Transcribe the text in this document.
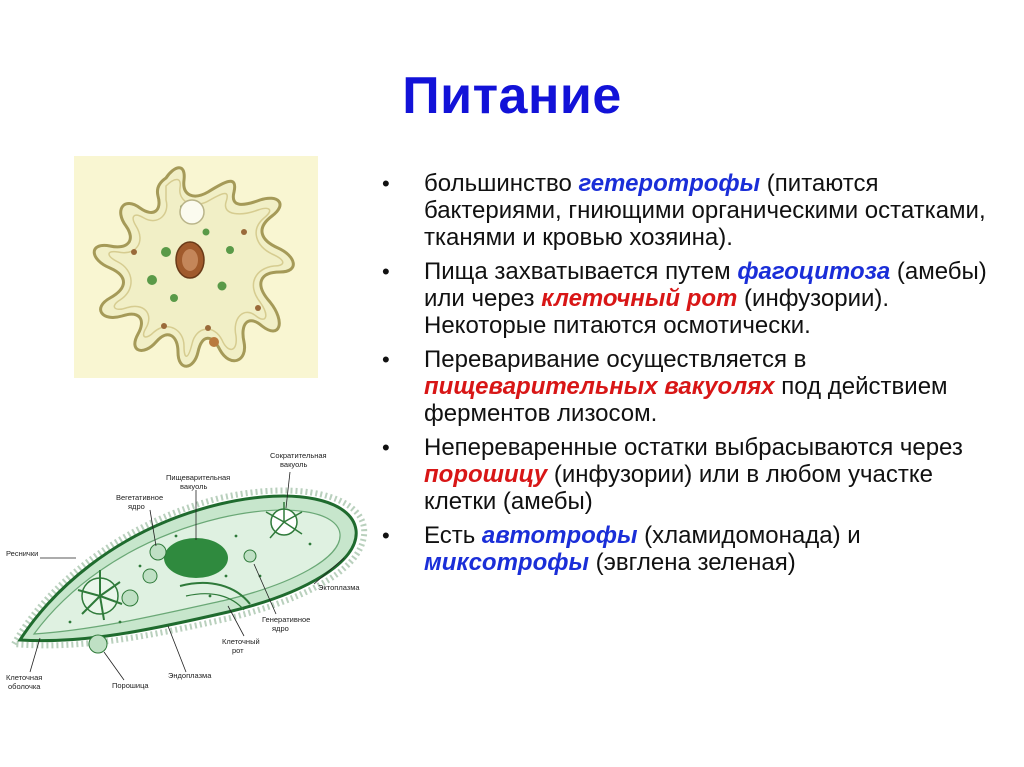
Питание
Сократительная
вакуоль
Пищеварительная
вакуоль
Вегетативное
ядро
Реснички
Эктоплазма
Генеративное
ядро
Клеточный
рот
Эндоплазма
Клеточная
оболочка	Порошица
• большинство гетеротрофы (питаются бактериями, гниющими органическими остатками, тканями и кровью хозяина).
• Пища захватывается путем фагоцитоза (амебы) или через клеточный рот (инфузории). Некоторые питаются осмотически.
• Переваривание осуществляется в пищеварительных вакуолях под действием ферментов лизосом.
• Непереваренные остатки выбрасываются через порошицу (инфузории) или в любом участке клетки (амебы)
• Есть автотрофы (хламидомонада) и миксотрофы (эвглена зеленая)
